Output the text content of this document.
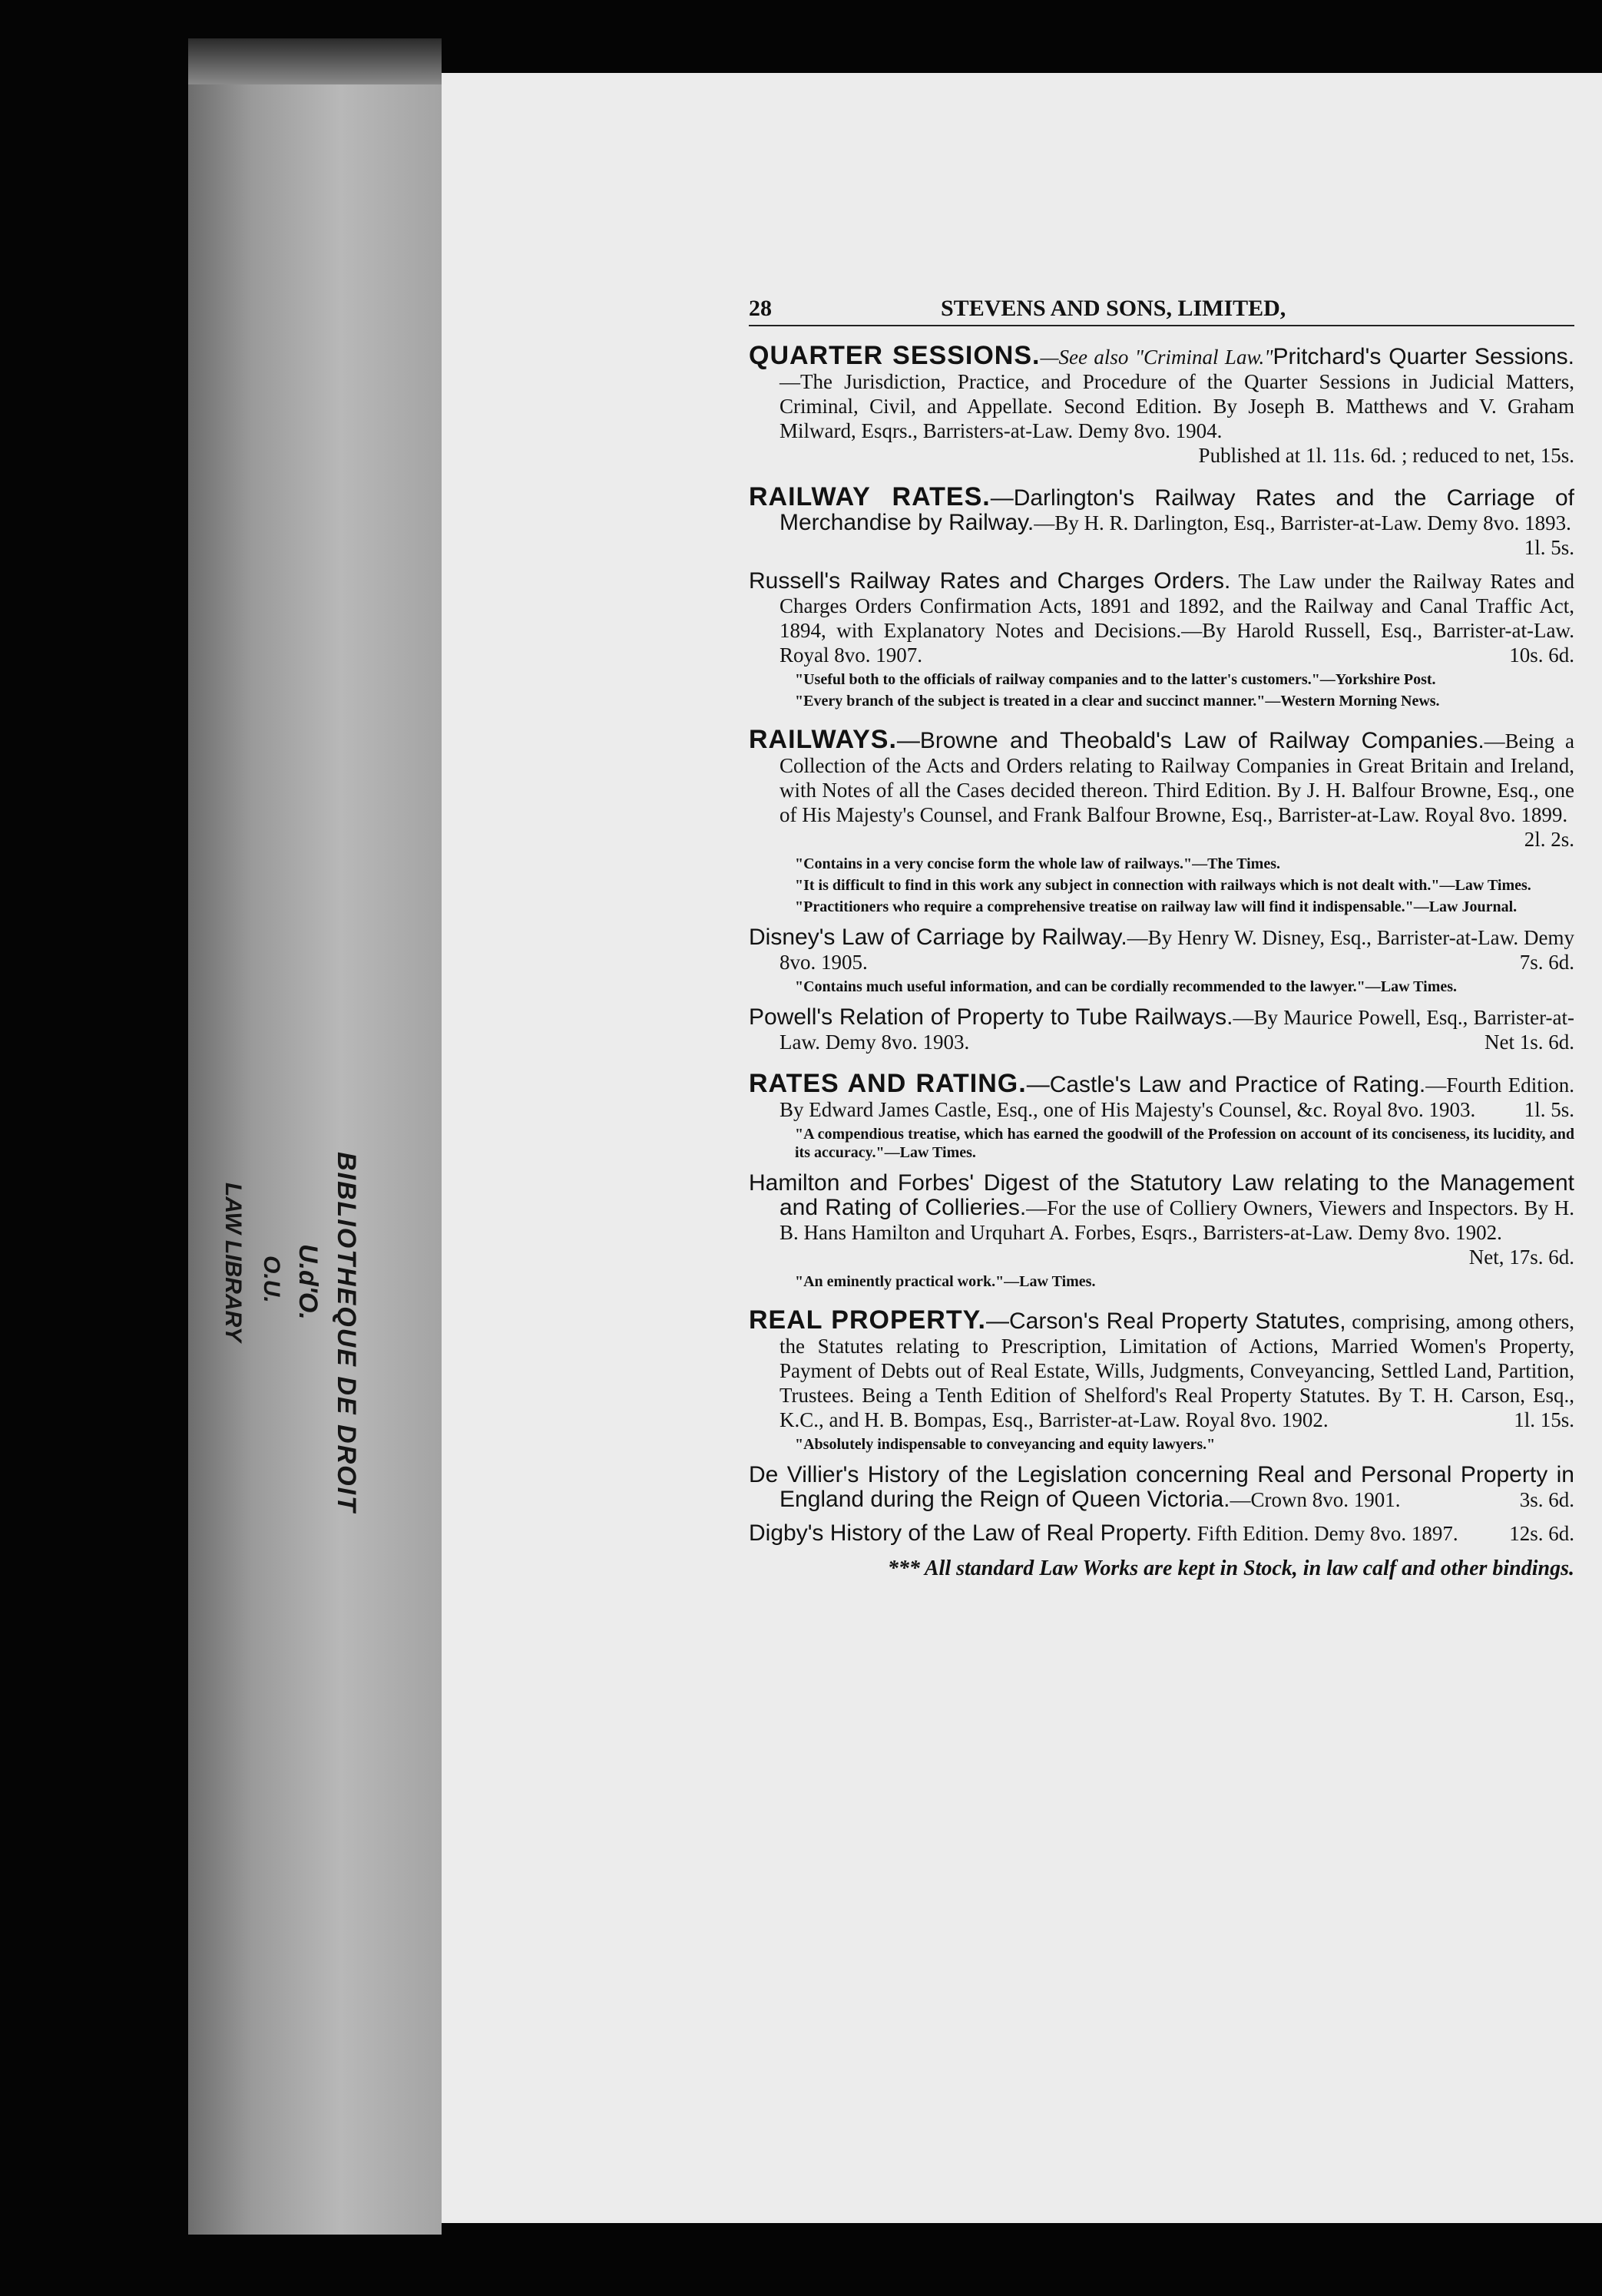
BIBLIOTHEQUE DE DROIT
U.d'O.
O.U.
LAW LIBRARY
28	STEVENS AND SONS, LIMITED,
QUARTER SESSIONS.—See also "Criminal Law."Pritchard's Quarter Sessions.—The Jurisdiction, Practice, and Procedure of the Quarter Sessions in Judicial Matters, Criminal, Civil, and Appellate. Second Edition. By Joseph B. Matthews and V. Graham Milward, Esqrs., Barristers-at-Law. Demy 8vo. 1904.
Published at 1l. 11s. 6d. ; reduced to net, 15s.
RAILWAY RATES.—Darlington's Railway Rates and the Carriage of Merchandise by Railway.—By H. R. Darlington, Esq., Barrister-at-Law. Demy 8vo. 1893.
1l. 5s.
Russell's Railway Rates and Charges Orders. The Law under the Railway Rates and Charges Orders Confirmation Acts, 1891 and 1892, and the Railway and Canal Traffic Act, 1894, with Explanatory Notes and Decisions.—By Harold Russell, Esq., Barrister-at-Law. Royal 8vo. 1907.	10s. 6d.
"Useful both to the officials of railway companies and to the latter's customers."—Yorkshire Post.
"Every branch of the subject is treated in a clear and succinct manner."—Western Morning News.
RAILWAYS.—Browne and Theobald's Law of Railway Companies.—Being a Collection of the Acts and Orders relating to Railway Companies in Great Britain and Ireland, with Notes of all the Cases decided thereon. Third Edition. By J. H. Balfour Browne, Esq., one of His Majesty's Counsel, and Frank Balfour Browne, Esq., Barrister-at-Law. Royal 8vo. 1899.
2l. 2s.
"Contains in a very concise form the whole law of railways."—The Times.
"It is difficult to find in this work any subject in connection with railways which is not dealt with."—Law Times.
"Practitioners who require a comprehensive treatise on railway law will find it indispensable."—Law Journal.
Disney's Law of Carriage by Railway.—By Henry W. Disney, Esq., Barrister-at-Law. Demy 8vo. 1905.	7s. 6d.
"Contains much useful information, and can be cordially recommended to the lawyer."—Law Times.
Powell's Relation of Property to Tube Railways.—By Maurice Powell, Esq., Barrister-at-Law. Demy 8vo. 1903.	Net 1s. 6d.
RATES AND RATING.—Castle's Law and Practice of Rating.—Fourth Edition. By Edward James Castle, Esq., one of His Majesty's Counsel, &c. Royal 8vo. 1903. 1l. 5s.
"A compendious treatise, which has earned the goodwill of the Profession on account of its conciseness, its lucidity, and its accuracy."—Law Times.
Hamilton and Forbes' Digest of the Statutory Law relating to the Management and Rating of Collieries.—For the use of Colliery Owners, Viewers and Inspectors. By H. B. Hans Hamilton and Urquhart A. Forbes, Esqrs., Barristers-at-Law. Demy 8vo. 1902.
Net, 17s. 6d.
"An eminently practical work."—Law Times.
REAL PROPERTY.—Carson's Real Property Statutes, comprising, among others, the Statutes relating to Prescription, Limitation of Actions, Married Women's Property, Payment of Debts out of Real Estate, Wills, Judgments, Conveyancing, Settled Land, Partition, Trustees. Being a Tenth Edition of Shelford's Real Property Statutes. By T. H. Carson, Esq., K.C., and H. B. Bompas, Esq., Barrister-at-Law. Royal 8vo. 1902.	1l. 15s.
"Absolutely indispensable to conveyancing and equity lawyers."
De Villier's History of the Legislation concerning Real and Personal Property in England during the Reign of Queen Victoria.—Crown 8vo. 1901.	3s. 6d.
Digby's History of the Law of Real Property. Fifth Edition. Demy 8vo. 1897. 12s. 6d.
*** All standard Law Works are kept in Stock, in law calf and other bindings.
